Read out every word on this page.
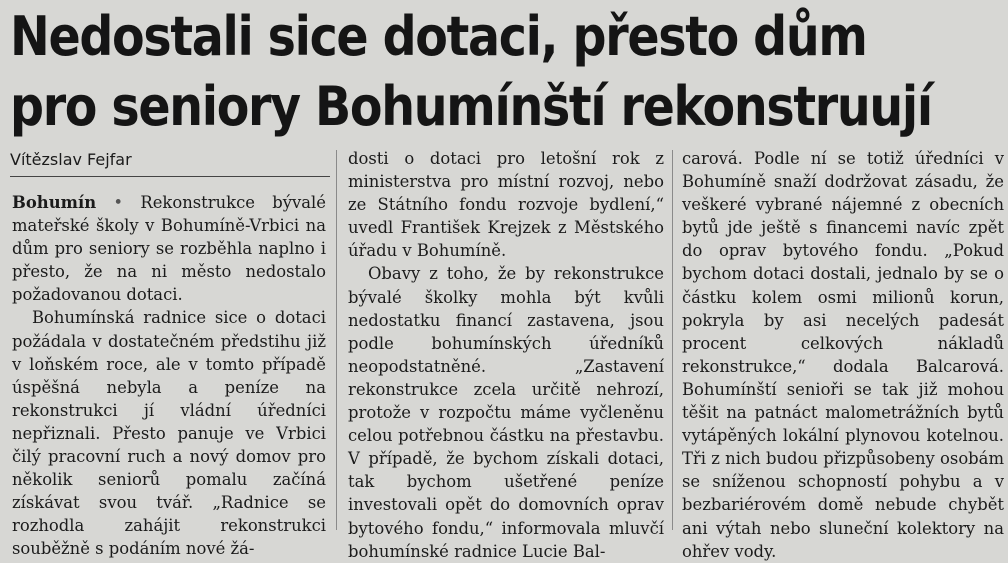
Nedostali sice dotaci, přesto dům
pro seniory Bohumínští rekonstruují
Vítězslav Fejfar

Bohumín • Rekonstrukce bývalé mateřské školy v Bohumíně-Vrbici na dům pro seniory se rozběhla naplno i přesto, že na ni město nedostalo požadovanou dotaci.

Bohumínská radnice sice o dotaci požádala v dostatečném předstihu již v loňském roce, ale v tomto případě úspěšná nebyla a peníze na rekonstrukci jí vládní úředníci nepřiznali. Přesto panuje ve Vrbici čilý pracovní ruch a nový domov pro několik seniorů pomalu začíná získávat svou tvář. „Radnice se rozhodla zahájit rekonstrukci souběžně s podáním nové žá-

dosti o dotaci pro letošní rok z ministerstva pro místní rozvoj, nebo ze Státního fondu rozvoje bydlení,“ uvedl František Krejzek z Městského úřadu v Bohumíně.

Obavy z toho, že by rekonstrukce bývalé školky mohla být kvůli nedostatku financí zastavena, jsou podle bohumínských úředníků neopodstatněné. „Zastavení rekonstrukce zcela určitě nehrozí, protože v rozpočtu máme vyčleněnu celou potřebnou částku na přestavbu. V případě, že bychom získali dotaci, tak bychom ušetřené peníze investovali opět do domovních oprav bytového fondu,“ informovala mluvčí bohumínské radnice Lucie Bal-

carová. Podle ní se totiž úředníci v Bohumíně snaží dodržovat zásadu, že veškeré vybrané nájemné z obecních bytů jde ještě s financemi navíc zpět do oprav bytového fondu. „Pokud bychom dotaci dostali, jednalo by se o částku kolem osmi milionů korun, pokryla by asi necelých padesát procent celkových nákladů rekonstrukce,“ dodala Balcarová. Bohumínští senioři se tak již mohou těšit na patnáct malometrážních bytů vytápěných lokální plynovou kotelnou. Tři z nich budou přizpůsobeny osobám se sníženou schopností pohybu a v bezbariérovém domě nebude chybět ani výtah nebo sluneční kolektory na ohřev vody.
